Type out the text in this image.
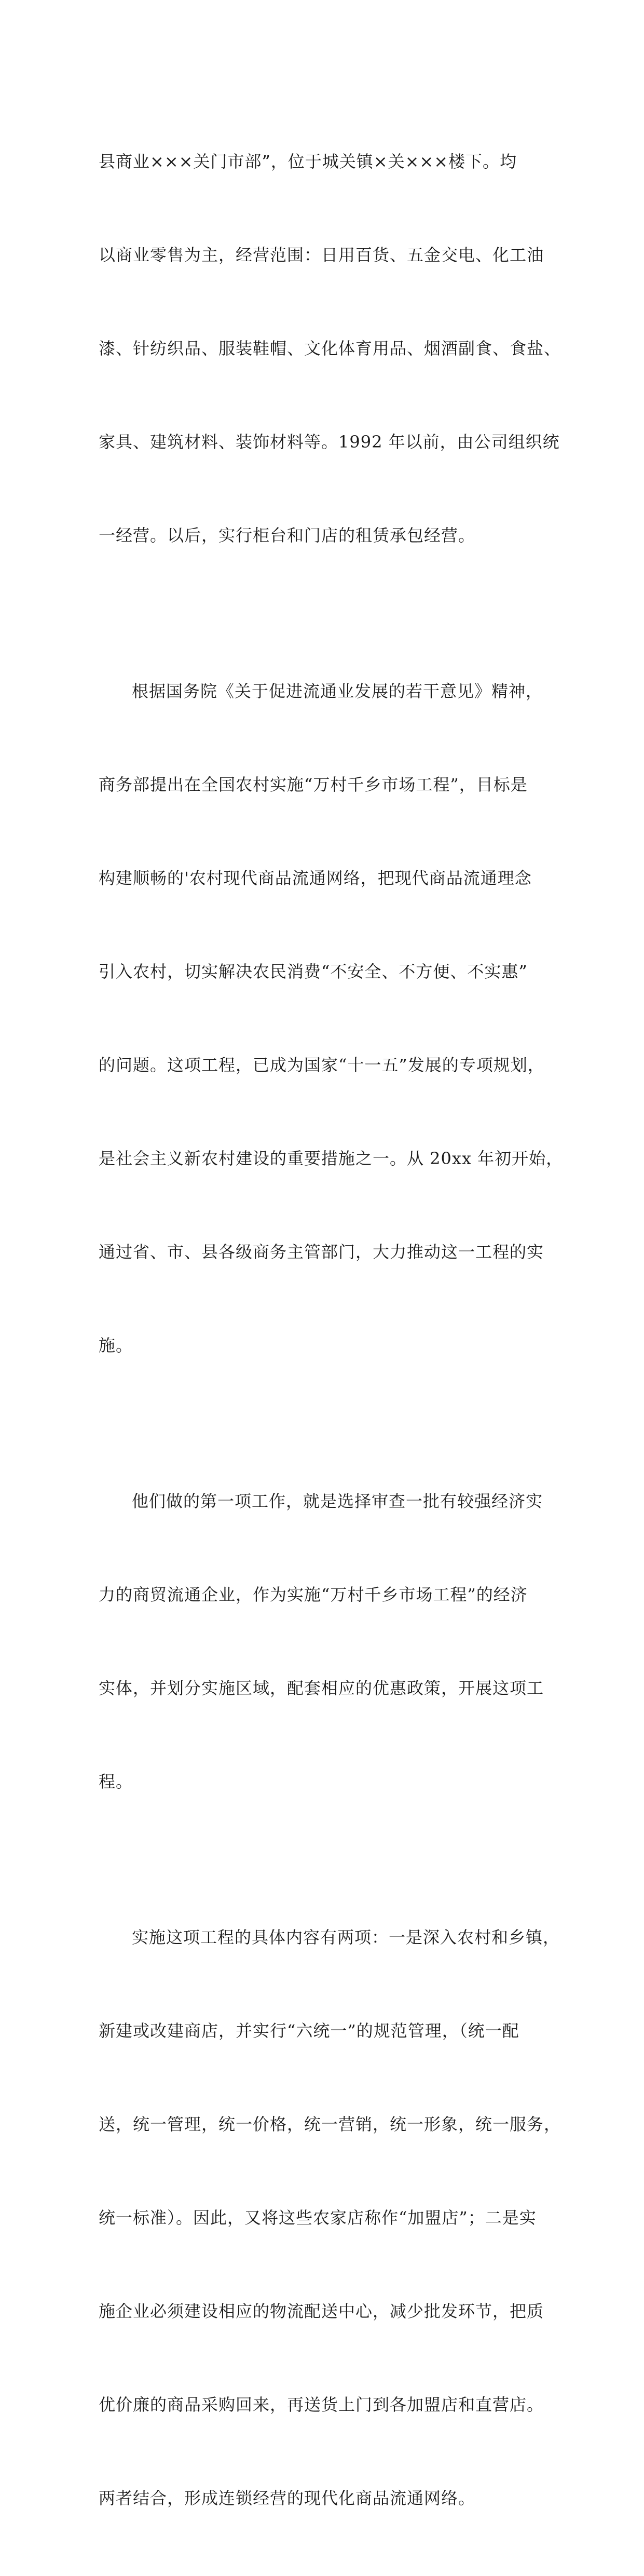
县商业×××关门市部”，位于城关镇×关×××楼下。均

以商业零售为主，经营范围：日用百货、五金交电、化工油

漆、针纺织品、服装鞋帽、文化体育用品、烟酒副食、食盐、

家具、建筑材料、装饰材料等。1992 年以前，由公司组织统

一经营。以后，实行柜台和门店的租赁承包经营。

根据国务院《关于促进流通业发展的若干意见》精神，

商务部提出在全国农村实施“万村千乡市场工程”，目标是

构建顺畅的'农村现代商品流通网络，把现代商品流通理念

引入农村，切实解决农民消费“不安全、不方便、不实惠”

的问题。这项工程，已成为国家“十一五”发展的专项规划，

是社会主义新农村建设的重要措施之一。从 20xx 年初开始，

通过省、市、县各级商务主管部门，大力推动这一工程的实

施。

他们做的第一项工作，就是选择审查一批有较强经济实

力的商贸流通企业，作为实施“万村千乡市场工程”的经济

实体，并划分实施区域，配套相应的优惠政策，开展这项工

程。

实施这项工程的具体内容有两项：一是深入农村和乡镇，

新建或改建商店，并实行“六统一”的规范管理，（统一配

送，统一管理，统一价格，统一营销，统一形象，统一服务，

统一标准）。因此，又将这些农家店称作“加盟店”；二是实

施企业必须建设相应的物流配送中心，减少批发环节，把质

优价廉的商品采购回来，再送货上门到各加盟店和直营店。

两者结合，形成连锁经营的现代化商品流通网络。
